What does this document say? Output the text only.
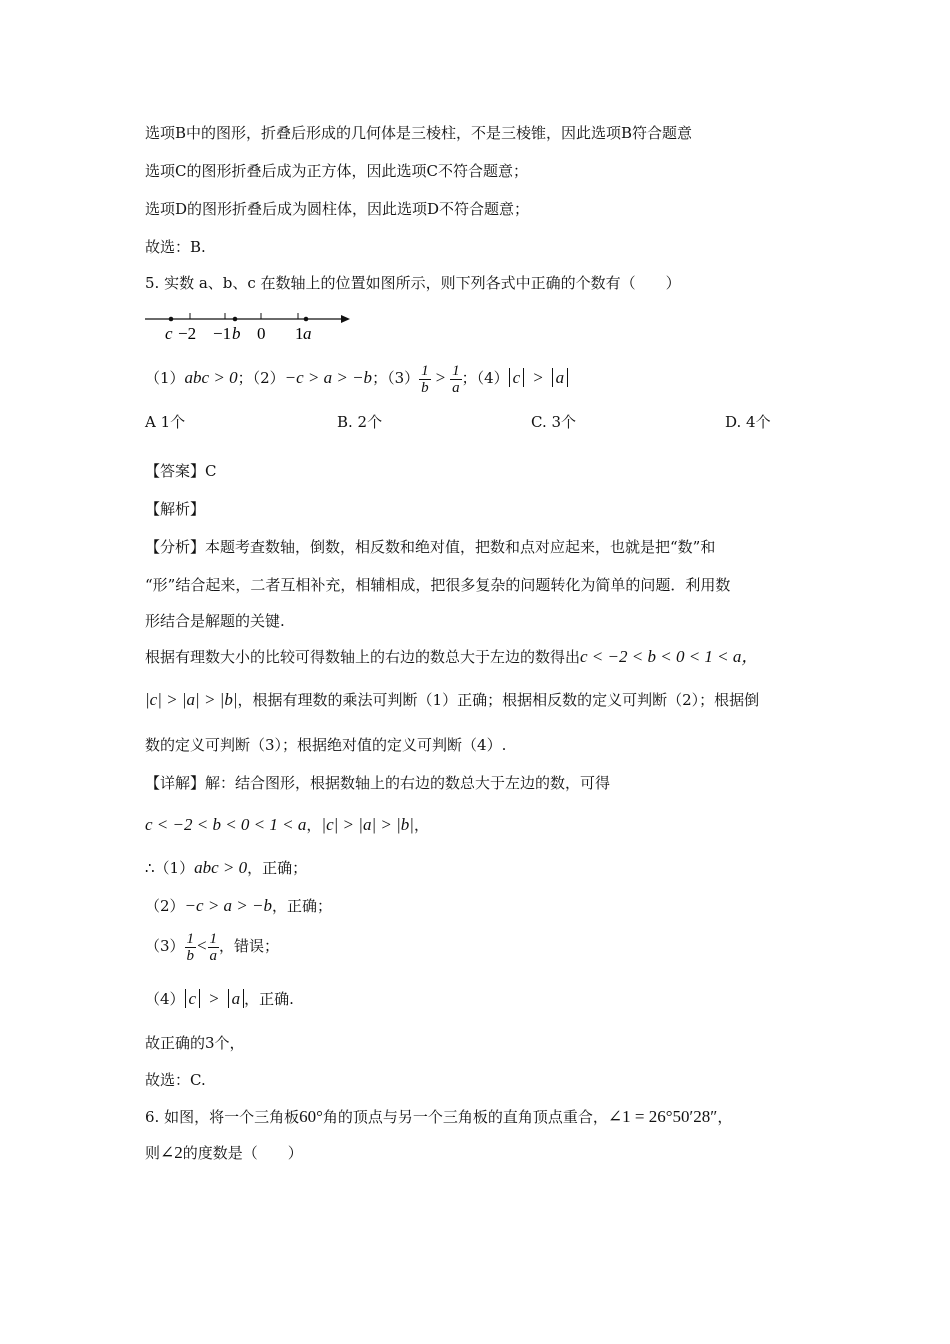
选项B中的图形，折叠后形成的几何体是三棱柱，不是三棱锥，因此选项B符合题意
选项C的图形折叠后成为正方体，因此选项C不符合题意；
选项D的图形折叠后成为圆柱体，因此选项D不符合题意；
故选：B.
5. 实数 a、b、c 在数轴上的位置如图所示，则下列各式中正确的个数有（　　）
c −2 −1 b 0 1 a
（1）abc > 0；（2）−c > a > −b；$(3) \frac{1}{b} > \frac{1}{a}$ ；（4） c > a
A 1个	B. 2个	C. 3个	D. 4个
【答案】C
【解析】
【分析】本题考查数轴，倒数，相反数和绝对值，把数和点对应起来，也就是把“数”和
“形”结合起来，二者互相补充，相辅相成，把很多复杂的问题转化为简单的问题．利用数
形结合是解题的关键.
根据有理数大小的比较可得数轴上的右边的数总大于左边的数得出c < −2 < b < 0 < 1 < a，
|c| > |a| > |b|，根据有理数的乘法可判断（1）正确；根据相反数的定义可判断（2）；根据倒
数的定义可判断（3）；根据绝对值的定义可判断（4）.
【详解】解：结合图形，根据数轴上的右边的数总大于左边的数，可得
c < −2 < b < 0 < 1 < a，|c| > |a| > |b|，
∴（1）abc > 0，正确；
（2）−c > a > −b，正确；
$(3) \frac{1}{b} < \frac{1}{a}$ ，错误；
（4） c > a ，正确.
故正确的3个，
故选：C.
6. 如图，将一个三角板60°角的顶点与另一个三角板的直角顶点重合，∠1 = 26°50′28″，
则∠2的度数是（　　）
